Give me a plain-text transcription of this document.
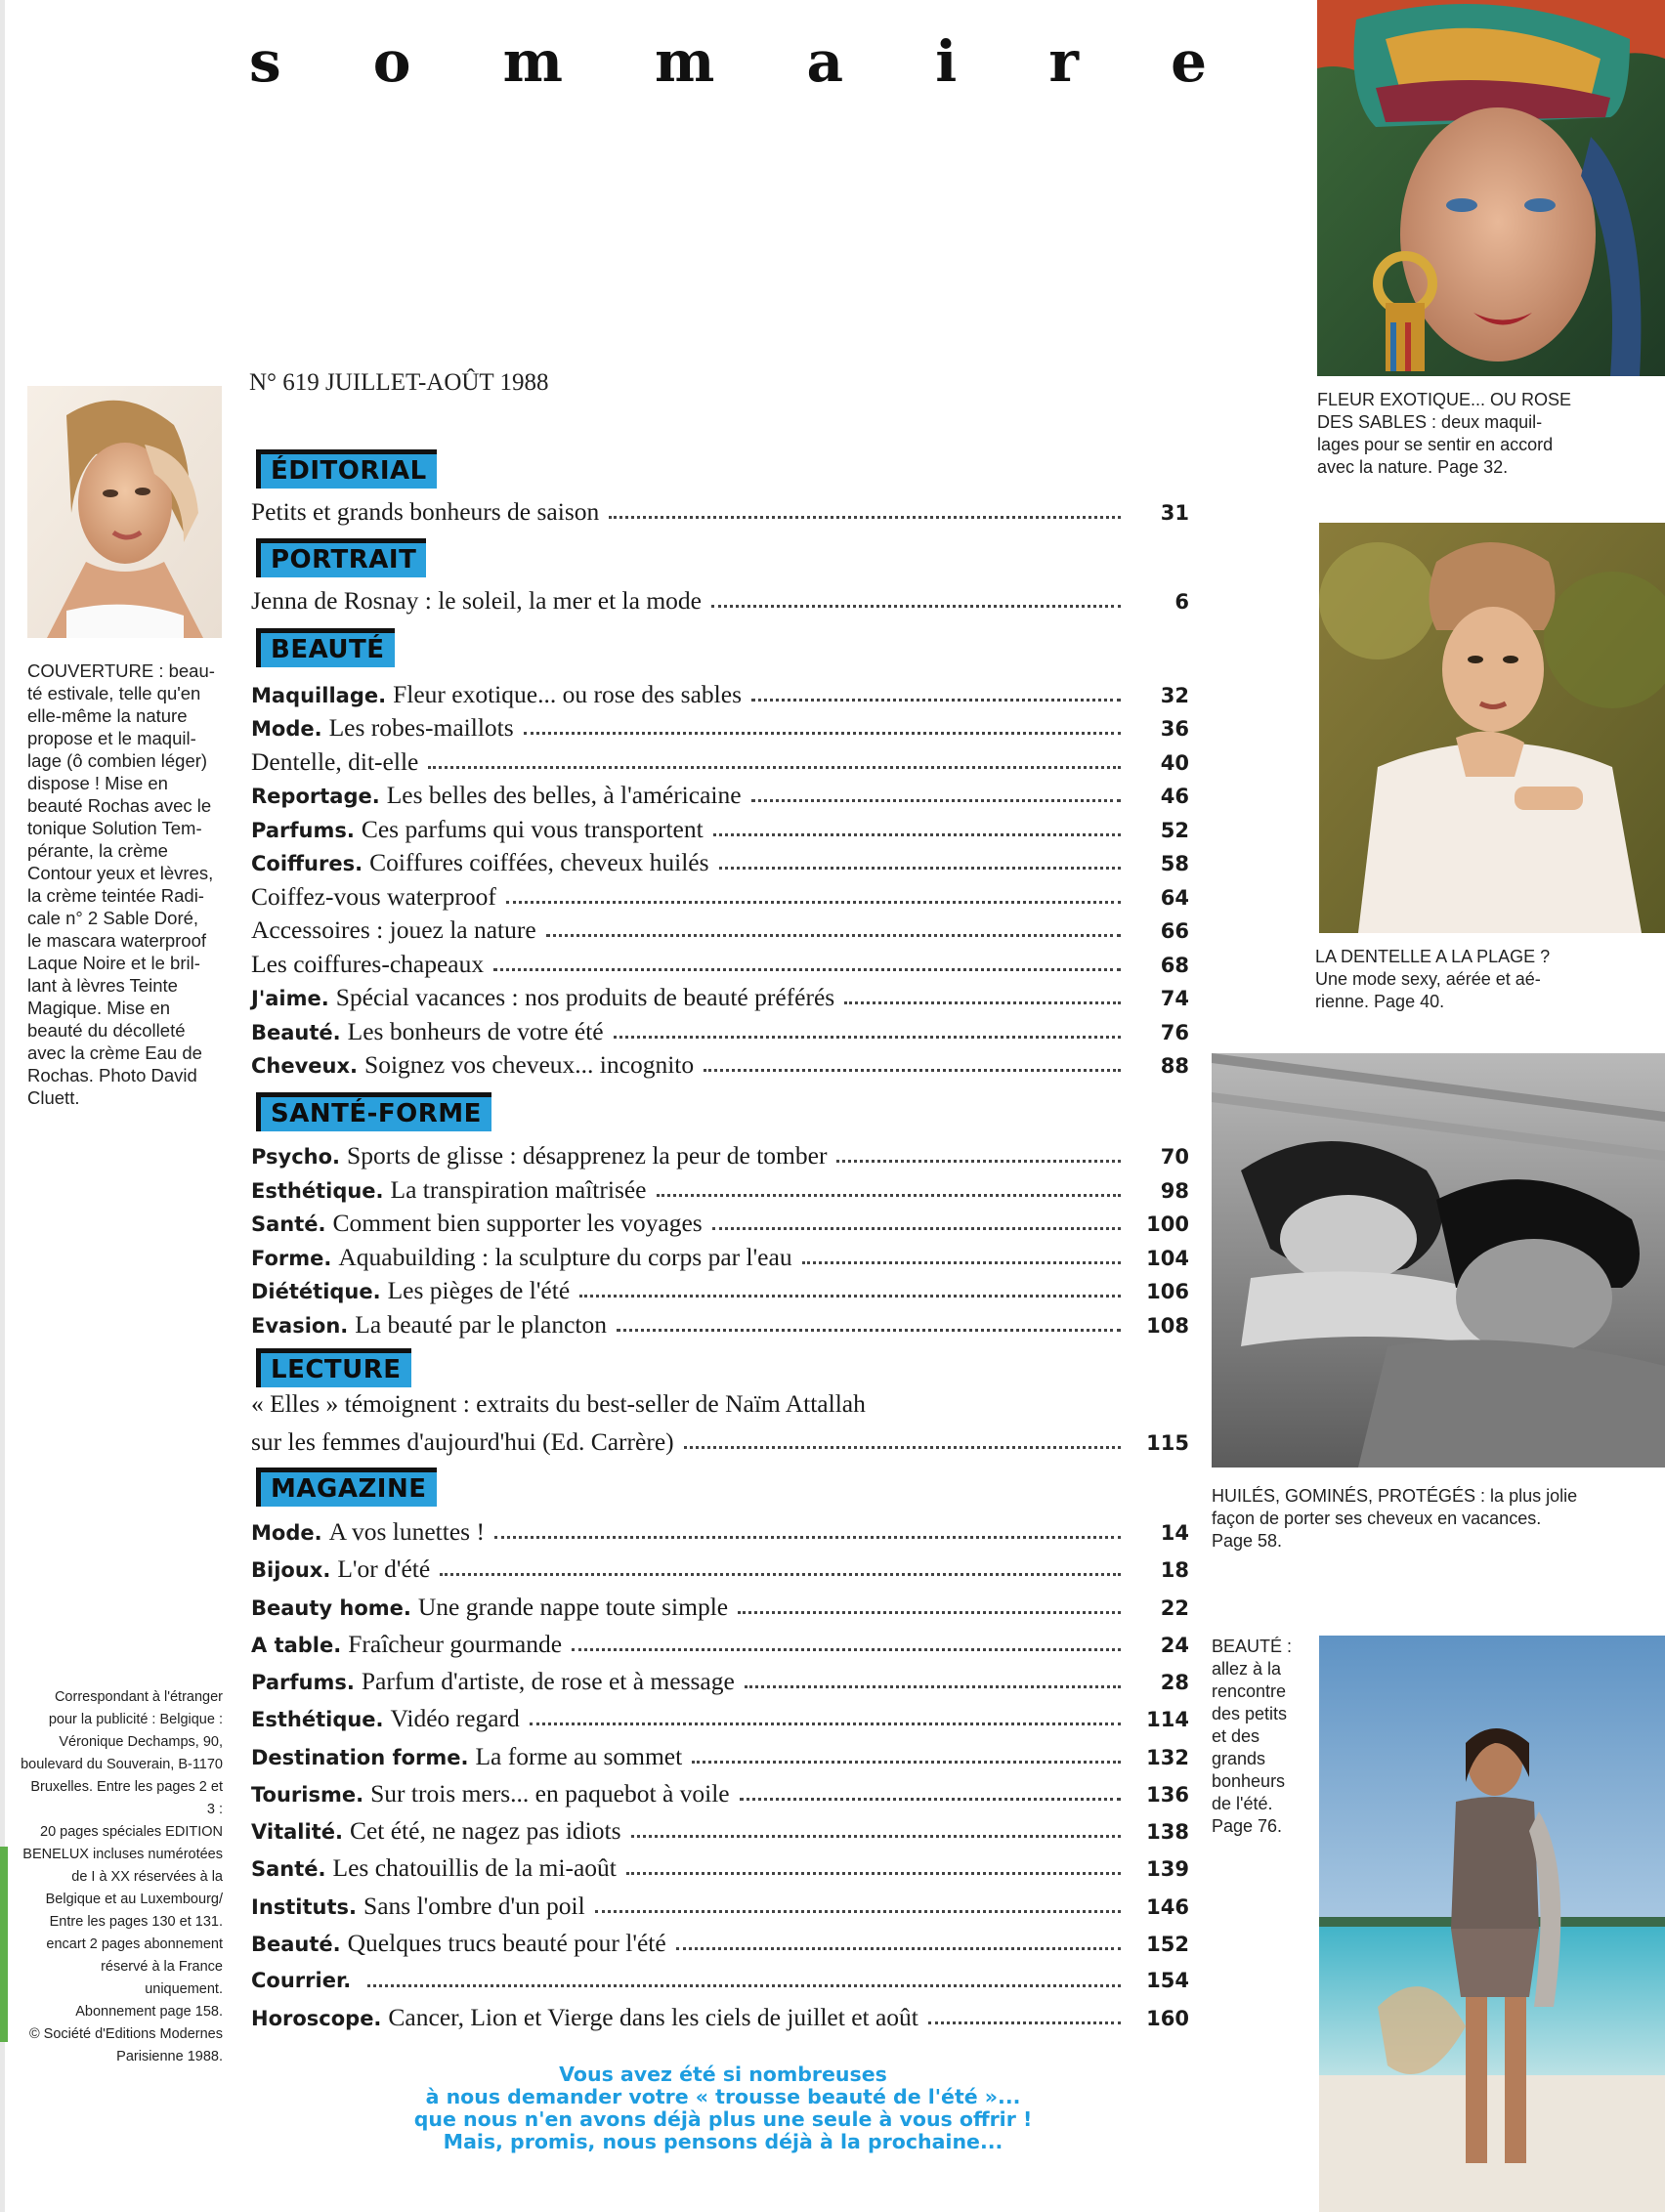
s o m m a i r e
N° 619 JUILLET-AOÛT 1988
ÉDITORIAL
PORTRAIT
BEAUTÉ
SANTÉ-FORME
LECTURE
MAGAZINE
Petits et grands bonheurs de saison	31
Jenna de Rosnay : le soleil, la mer et la mode	6
Maquillage. Fleur exotique... ou rose des sables	32
Mode. Les robes-maillots	36
Dentelle, dit-elle	40
Reportage. Les belles des belles, à l'américaine	46
Parfums. Ces parfums qui vous transportent	52
Coiffures. Coiffures coiffées, cheveux huilés	58
Coiffez-vous waterproof	64
Accessoires : jouez la nature	66
Les coiffures-chapeaux	68
J'aime. Spécial vacances : nos produits de beauté préférés	74
Beauté. Les bonheurs de votre été	76
Cheveux. Soignez vos cheveux... incognito	88
Psycho. Sports de glisse : désapprenez la peur de tomber	70
Esthétique. La transpiration maîtrisée	98
Santé. Comment bien supporter les voyages	100
Forme. Aquabuilding : la sculpture du corps par l'eau	104
Diététique. Les pièges de l'été	106
Evasion. La beauté par le plancton	108
Mode. A vos lunettes !	14
Bijoux. L'or d'été	18
Beauty home. Une grande nappe toute simple	22
A table. Fraîcheur gourmande	24
Parfums. Parfum d'artiste, de rose et à message	28
Esthétique. Vidéo regard	114
Destination forme. La forme au sommet	132
Tourisme. Sur trois mers... en paquebot à voile	136
Vitalité. Cet été, ne nagez pas idiots	138
Santé. Les chatouillis de la mi-août	139
Instituts. Sans l'ombre d'un poil	146
Beauté. Quelques trucs beauté pour l'été	152
Courrier.	154
Horoscope. Cancer, Lion et Vierge dans les ciels de juillet et août	160
« Elles » témoignent : extraits du best-seller de Naïm Attallah
sur les femmes d'aujourd'hui (Ed. Carrère)	115
FLEUR EXOTIQUE... OU ROSE
DES SABLES : deux maquil-
lages pour se sentir en accord
avec la nature. Page 32.
LA DENTELLE A LA PLAGE ?
Une mode sexy, aérée et aé-
rienne. Page 40.
HUILÉS, GOMINÉS, PROTÉGÉS : la plus jolie
façon de porter ses cheveux en vacances.
Page 58.
BEAUTÉ :
allez à la
rencontre
des petits
et des
grands
bonheurs
de l'été.
Page 76.
COUVERTURE : beau-
té estivale, telle qu'en
elle-même la nature
propose et le maquil-
lage (ô combien léger)
dispose ! Mise en
beauté Rochas avec le
tonique Solution Tem-
pérante, la crème
Contour yeux et lèvres,
la crème teintée Radi-
cale n° 2 Sable Doré,
le mascara waterproof
Laque Noire et le bril-
lant à lèvres Teinte
Magique. Mise en
beauté du décolleté
avec la crème Eau de
Rochas. Photo David
Cluett.
Correspondant à l'étranger
pour la publicité : Belgique :
Véronique Dechamps, 90,
boulevard du Souverain, B-1170
Bruxelles. Entre les pages 2 et 3 :
20 pages spéciales EDITION
BENELUX incluses numérotées
de I à XX réservées à la
Belgique et au Luxembourg/
Entre les pages 130 et 131.
encart 2 pages abonnement
réservé à la France uniquement.
Abonnement page 158.
© Société d'Editions Modernes
Parisienne 1988.
Vous avez été si nombreuses
à nous demander votre « trousse beauté de l'été »...
que nous n'en avons déjà plus une seule à vous offrir !
Mais, promis, nous pensons déjà à la prochaine...
